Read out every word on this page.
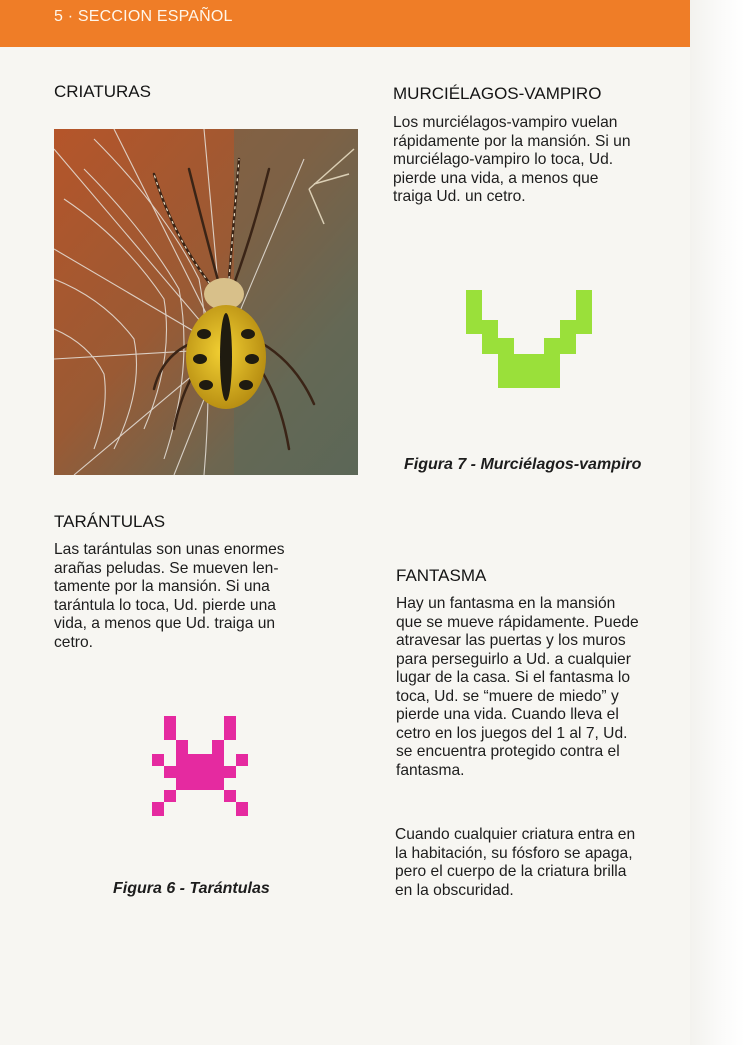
5 · SECCION ESPAÑOL
CRIATURAS
TARÁNTULAS
Las tarántulas son unas enormes
arañas peludas. Se mueven len-
tamente por la mansión. Si una
tarántula lo toca, Ud. pierde una
vida, a menos que Ud. traiga un
cetro.
Figura 6 - Tarántulas
MURCIÉLAGOS-VAMPIRO
Los murciélagos-vampiro vuelan
rápidamente por la mansión. Si un
murciélago-vampiro lo toca, Ud.
pierde una vida, a menos que
traiga Ud. un cetro.
Figura 7 - Murciélagos-vampiro
FANTASMA
Hay un fantasma en la mansión
que se mueve rápidamente. Puede
atravesar las puertas y los muros
para perseguirlo a Ud. a cualquier
lugar de la casa. Si el fantasma lo
toca, Ud. se “muere de miedo” y
pierde una vida. Cuando lleva el
cetro en los juegos del 1 al 7, Ud.
se encuentra protegido contra el
fantasma.
Cuando cualquier criatura entra en
la habitación, su fósforo se apaga,
pero el cuerpo de la criatura brilla
en la obscuridad.
